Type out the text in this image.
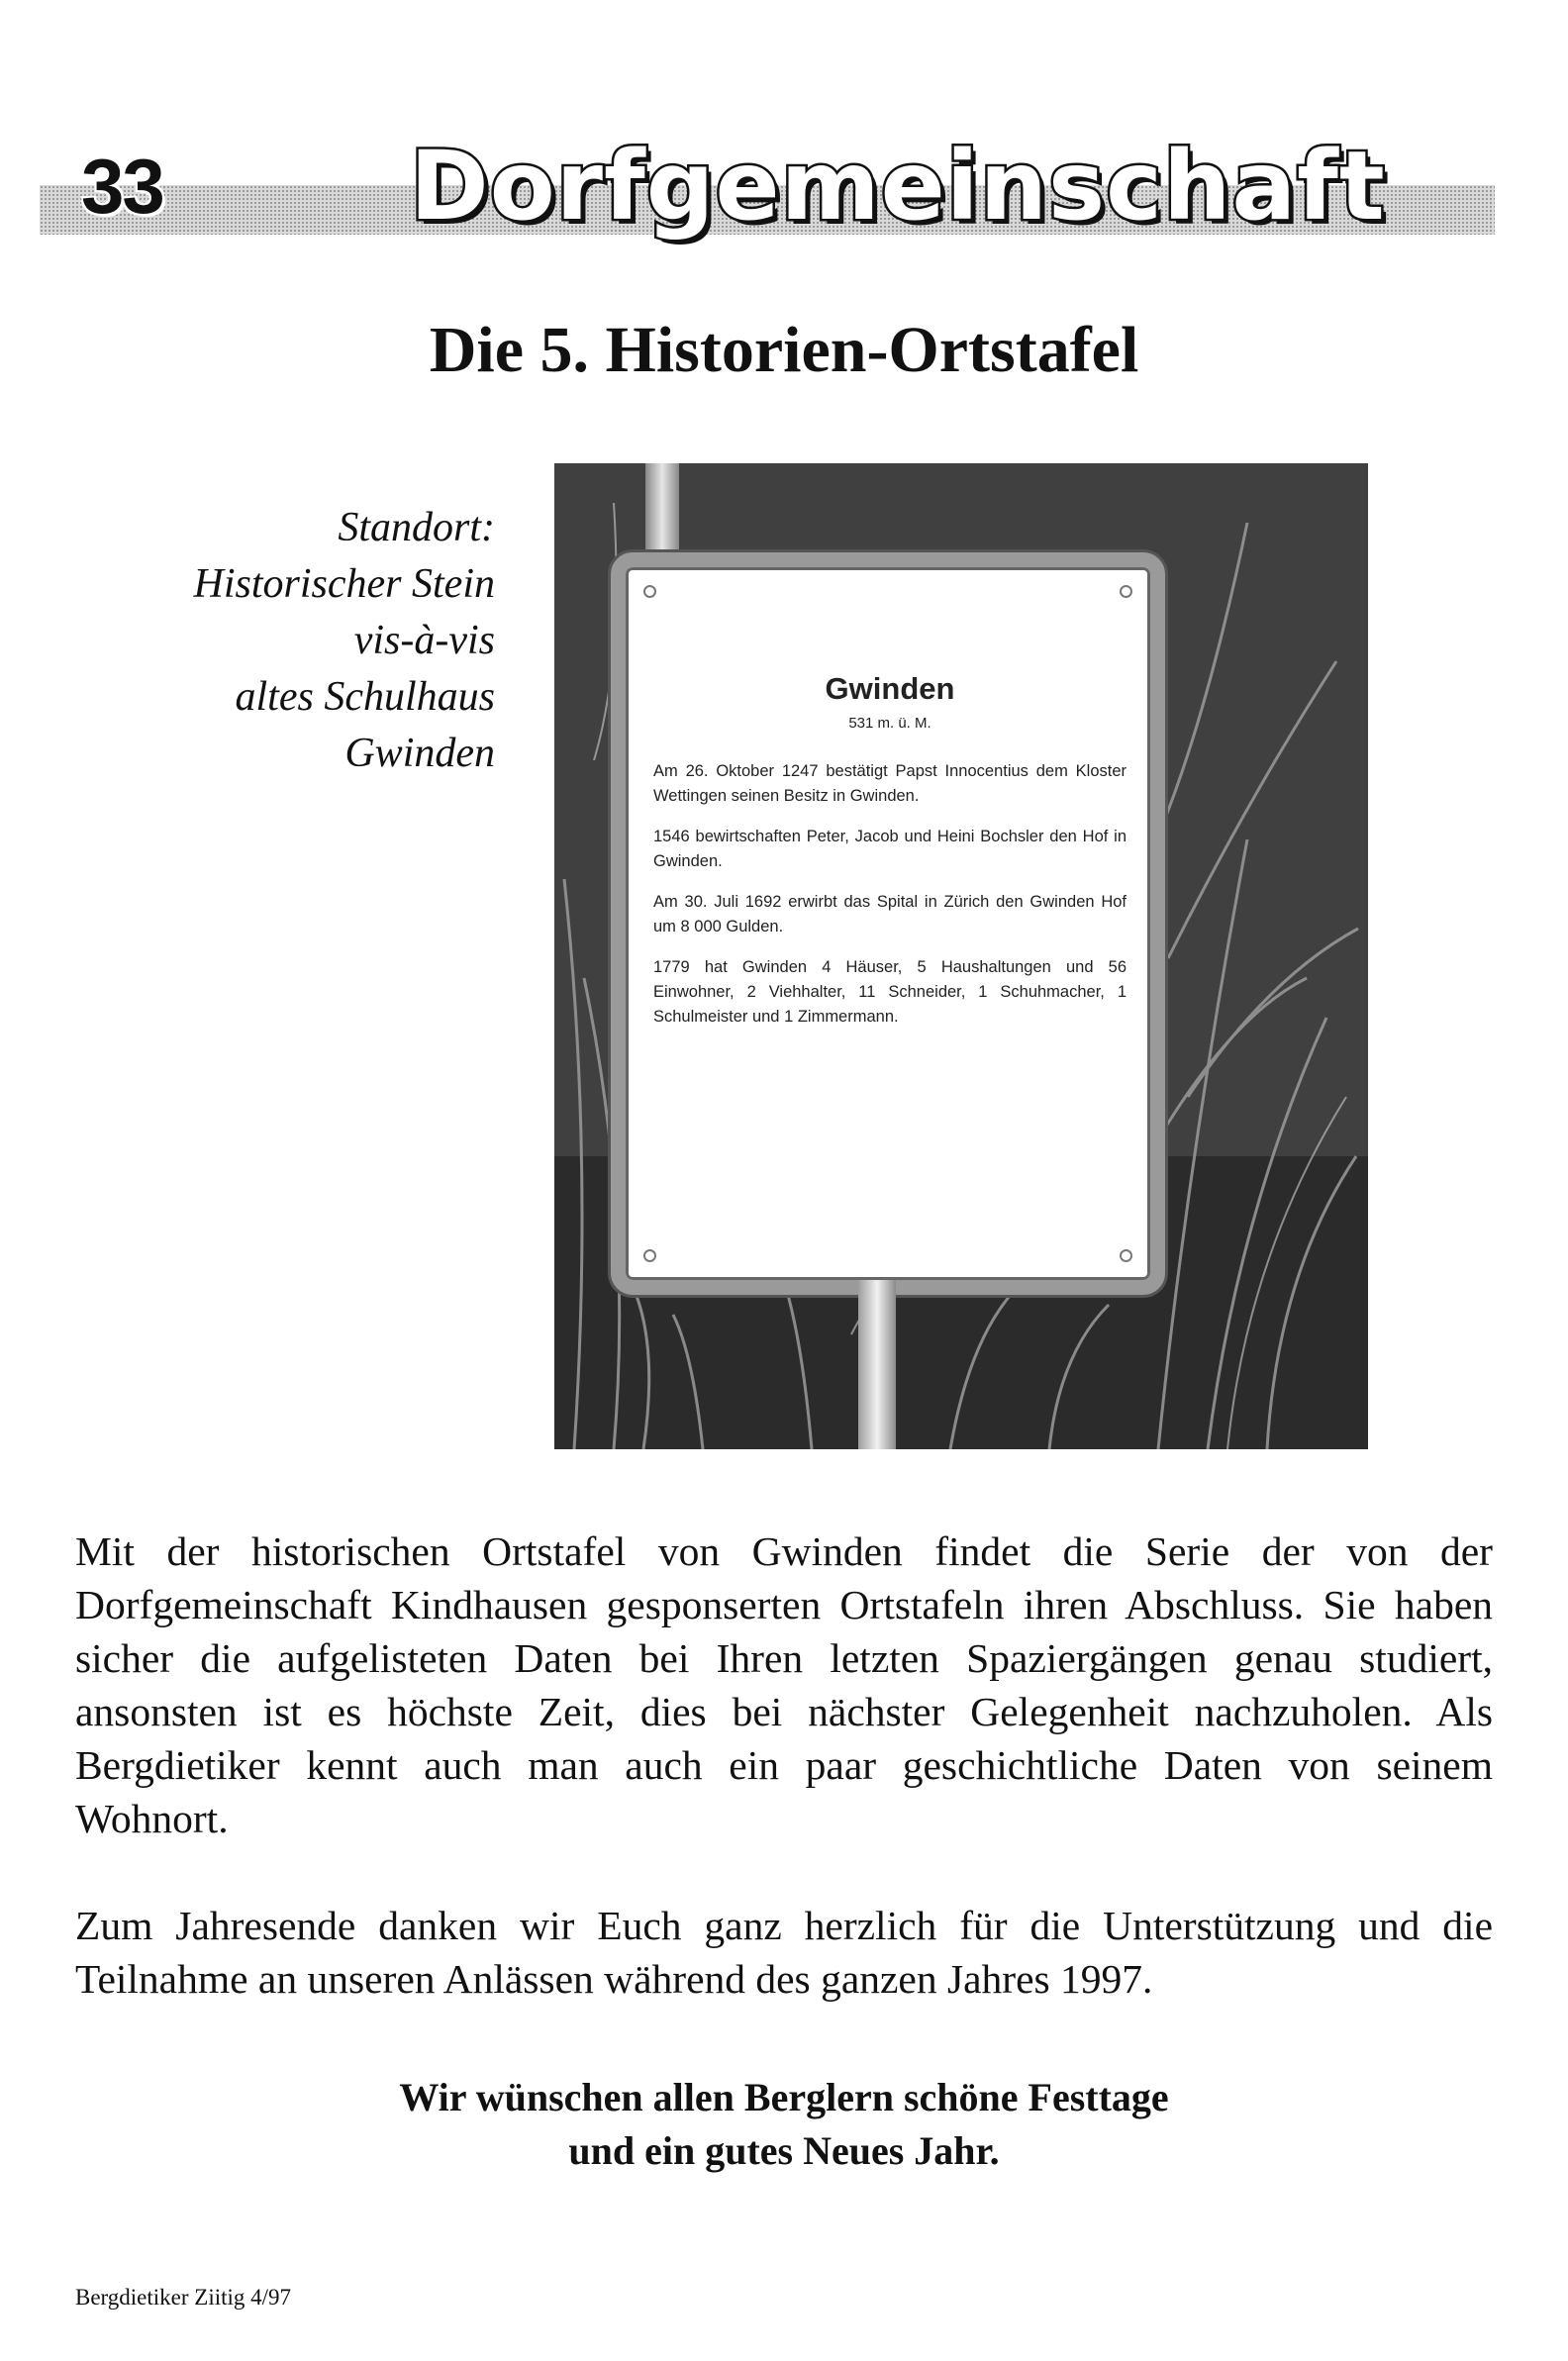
33	Dorfgemeinschaft
Die 5. Historien-Ortstafel
Standort:
Historischer Stein
vis-à-vis
altes Schulhaus
Gwinden
Gwinden
531 m. ü. M.
Am 26. Oktober 1247 bestätigt Papst Innocentius dem Kloster Wettingen seinen Besitz in Gwinden.
1546 bewirtschaften Peter, Jacob und Heini Bochsler den Hof in Gwinden.
Am 30. Juli 1692 erwirbt das Spital in Zürich den Gwinden Hof um 8 000 Gulden.
1779 hat Gwinden 4 Häuser, 5 Haushaltungen und 56 Einwohner, 2 Viehhalter, 11 Schneider, 1 Schuhmacher, 1 Schulmeister und 1 Zimmermann.

Mit der historischen Ortstafel von Gwinden findet die Serie der von der Dorfgemeinschaft Kindhausen gesponserten Ortstafeln ihren Abschluss. Sie haben sicher die aufgelisteten Daten bei Ihren letzten Spaziergängen genau studiert, ansonsten ist es höchste Zeit, dies bei nächster Gelegenheit nachzuholen. Als Bergdietiker kennt auch man auch ein paar geschichtliche Daten von seinem Wohnort.

Zum Jahresende danken wir Euch ganz herzlich für die Unterstützung und die Teilnahme an unseren Anlässen während des ganzen Jahres 1997.

Wir wünschen allen Berglern schöne Festtage
und ein gutes Neues Jahr.
Bergdietiker Ziitig 4/97
